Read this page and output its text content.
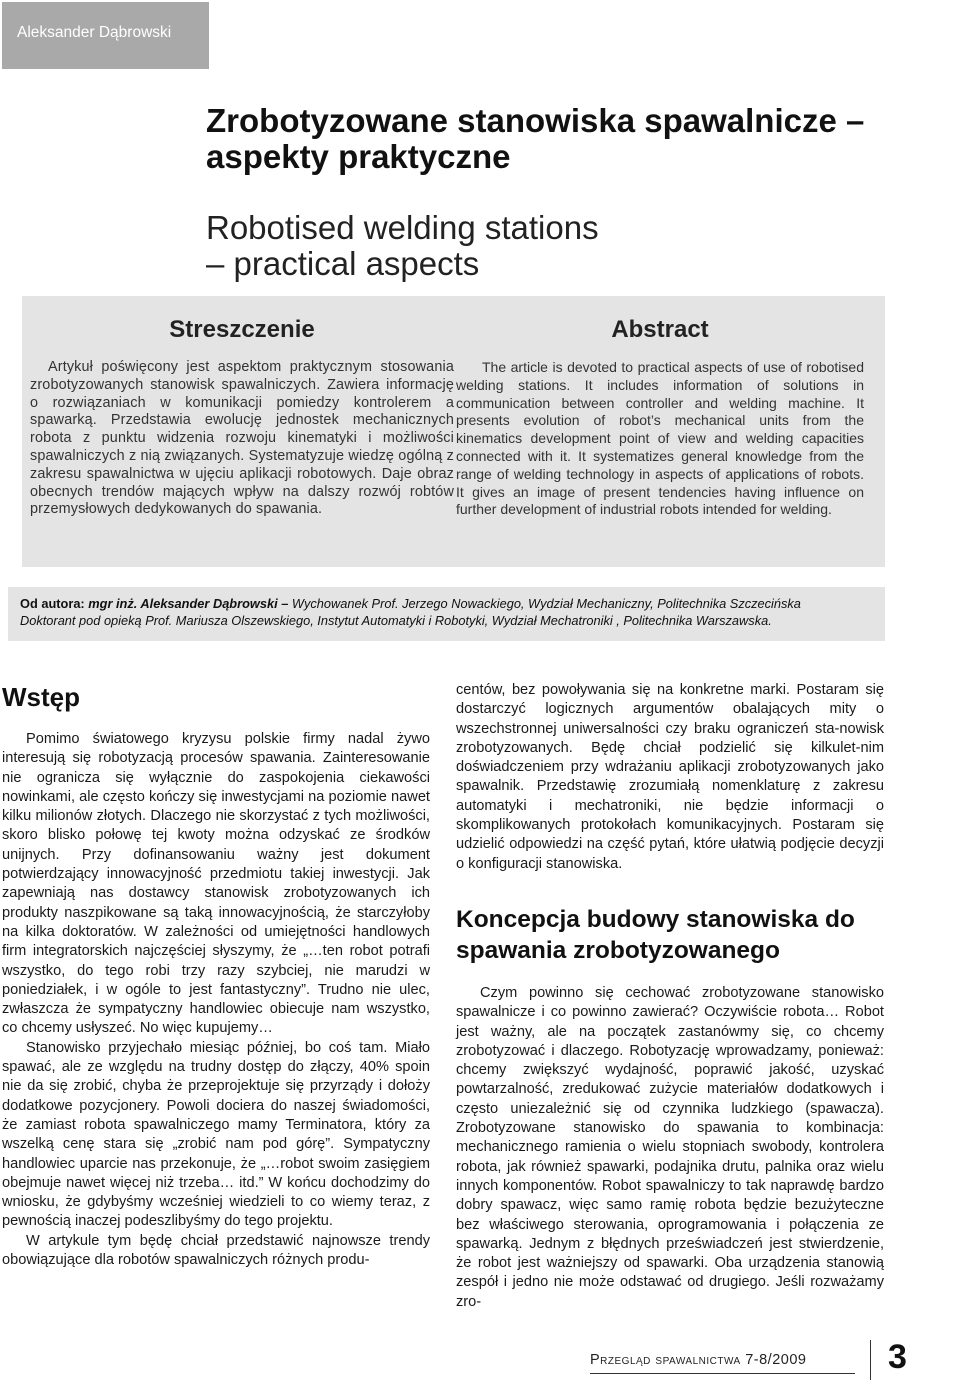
Aleksander Dąbrowski
Zrobotyzowane stanowiska spawalnicze – aspekty praktyczne
Robotised welding stations
– practical aspects
Streszczenie

Artykuł poświęcony jest aspektom praktycznym stosowania zrobotyzowanych stanowisk spawalniczych. Zawiera informację o rozwiązaniach w komunikacji pomiedzy kontrolerem a spawarką. Przedstawia ewolucję jednostek mechanicznych robota z punktu widzenia rozwoju kinematyki i możliwości spawalniczych z nią związanych. Systematyzuje wiedzę ogólną z zakresu spawalnictwa w ujęciu aplikacji robotowych. Daje obraz obecnych trendów mających wpływ na dalszy rozwój robtów przemysłowych dedykowanych do spawania.

Abstract

The article is devoted to practical aspects of use of robotised welding stations. It includes information of solutions in communication between controller and welding machine. It presents evolution of robot’s mechanical units from the kinematics development point of view and welding capacities connected with it. It systematizes general knowledge from the range of welding technology in aspects of applications of robots. It gives an image of present tendencies having influence on further development of industrial robots intended for welding.

Od autora: mgr inż. Aleksander Dąbrowski – Wychowanek Prof. Jerzego Nowackiego, Wydział Mechaniczny, Politechnika Szczecińska
Doktorant pod opieką Prof. Mariusza Olszewskiego, Instytut Automatyki i Robotyki, Wydział Mechatroniki , Politechnika Warszawska.
Wstęp

Pomimo światowego kryzysu polskie firmy nadal żywo interesują się robotyzacją procesów spawania. Zainteresowanie nie ogranicza się wyłącznie do zaspokojenia ciekawości nowinkami, ale często kończy się inwestycjami na poziomie nawet kilku milionów złotych. Dlaczego nie skorzystać z tych możliwości, skoro blisko połowę tej kwoty można odzyskać ze środków unijnych. Przy dofinansowaniu ważny jest dokument potwierdzający innowacyjność przedmiotu takiej inwestycji. Jak zapewniają nas dostawcy stanowisk zrobotyzowanych ich produkty naszpikowane są taką innowacyjnością, że starczyłoby na kilka doktoratów. W zależności od umiejętności handlowych firm integratorskich najczęściej słyszymy, że „…ten robot potrafi wszystko, do tego robi trzy razy szybciej, nie marudzi w poniedziałek, i w ogóle to jest fantastyczny”. Trudno nie ulec, zwłaszcza że sympatyczny handlowiec obiecuje nam wszystko, co chcemy usłyszeć. No więc kupujemy…

Stanowisko przyjechało miesiąc później, bo coś tam. Miało spawać, ale ze względu na trudny dostęp do złączy, 40% spoin nie da się zrobić, chyba że przeprojektuje się przyrządy i dołoży dodatkowe pozycjonery. Powoli dociera do naszej świadomości, że zamiast robota spawalniczego mamy Terminatora, który za wszelką cenę stara się „zrobić nam pod górę”. Sympatyczny handlowiec uparcie nas przekonuje, że „…robot swoim zasięgiem obejmuje nawet więcej niż trzeba… itd.” W końcu dochodzimy do wniosku, że gdybyśmy wcześniej wiedzieli to co wiemy teraz, z pewnością inaczej podeszlibyśmy do tego projektu.

W artykule tym będę chciał przedstawić najnowsze trendy obowiązujące dla robotów spawalniczych różnych produ-

centów, bez powoływania się na konkretne marki. Postaram się dostarczyć logicznych argumentów obalających mity o wszechstronnej uniwersalności czy braku ograniczeń sta-nowisk zrobotyzowanych. Będę chciał podzielić się kilkulet-nim doświadczeniem przy wdrażaniu aplikacji zrobotyzowanych jako spawalnik. Przedstawię zrozumiałą nomenklaturę z zakresu automatyki i mechatroniki, nie będzie informacji o skomplikowanych protokołach komunikacyjnych. Postaram się udzielić odpowiedzi na część pytań, które ułatwią podjęcie decyzji o konfiguracji stanowiska.

Koncepcja budowy stanowiska do spawania zrobotyzowanego

Czym powinno się cechować zrobotyzowane stanowisko spawalnicze i co powinno zawierać? Oczywiście robota… Robot jest ważny, ale na początek zastanówmy się, co chcemy zrobotyzować i dlaczego. Robotyzację wprowadzamy, ponieważ: chcemy zwiększyć wydajność, poprawić jakość, uzyskać powtarzalność, zredukować zużycie materiałów dodatkowych i często uniezależnić się od czynnika ludzkiego (spawacza). Zrobotyzowane stanowisko do spawania to kombinacja: mechanicznego ramienia o wielu stopniach swobody, kontrolera robota, jak również spawarki, podajnika drutu, palnika oraz wielu innych komponentów. Robot spawalniczy to tak naprawdę bardzo dobry spawacz, więc samo ramię robota będzie bezużyteczne bez właściwego sterowania, oprogramowania i połączenia ze spawarką. Jednym z błędnych przeświadczeń jest stwierdzenie, że robot jest ważniejszy od spawarki. Oba urządzenia stanowią zespół i jedno nie może odstawać od drugiego. Jeśli rozważamy zro-

Przegląd spawalnictwa 7-8/2009 3
